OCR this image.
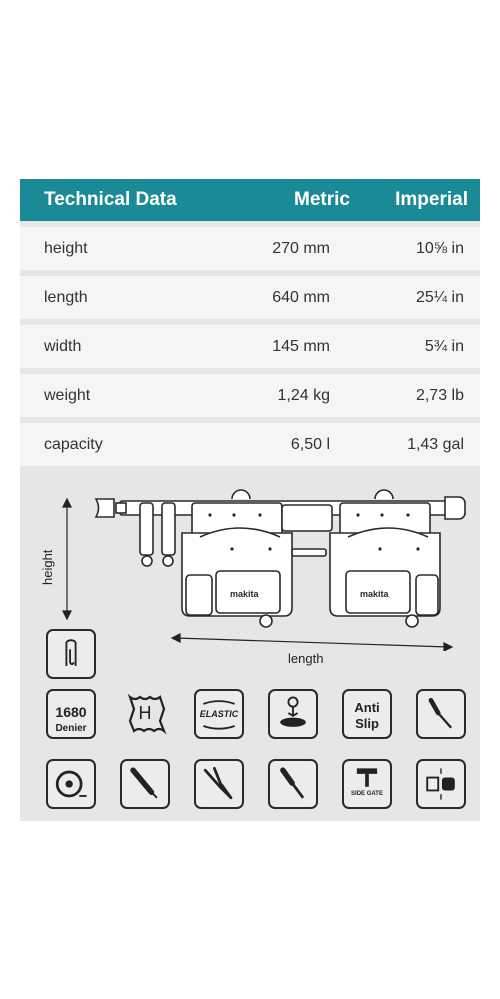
Technical Data	Metric	Imperial
height	270 mm	10⅝ in
length	640 mm	25¼ in
width	145 mm	5¾ in
weight	1,24 kg	2,73 lb
capacity	6,50 l	1,43 gal
makita	makita
height
length
1680
Denier
H	ELASTIC	Anti
Slip
SIDE GATE
